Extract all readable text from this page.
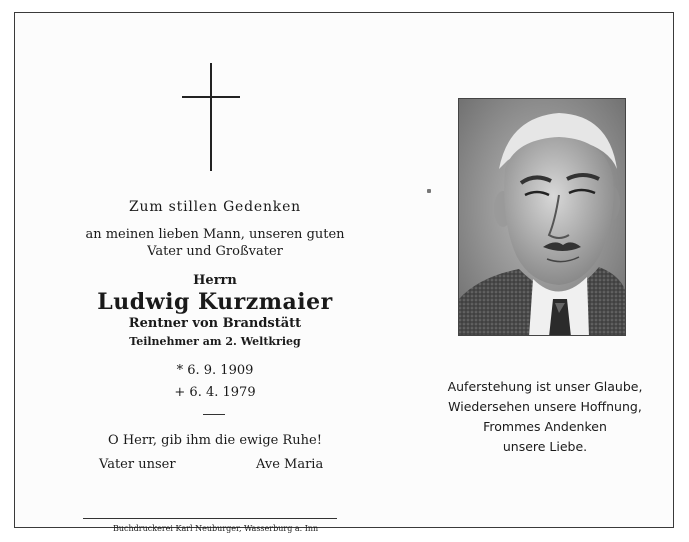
Zum stillen Gedenken
an meinen lieben Mann, unseren guten
Vater und Großvater
Herrn
Ludwig Kurzmaier
Rentner von Brandstätt
Teilnehmer am 2. Weltkrieg
* 6. 9. 1909
+ 6. 4. 1979
O Herr, gib ihm die ewige Ruhe!
Vater unser	Ave Maria
Buchdruckerei Karl Neuburger, Wasserburg a. Inn
Auferstehung ist unser Glaube,
Wiedersehen unsere Hoffnung,
Frommes Andenken
unsere Liebe.
